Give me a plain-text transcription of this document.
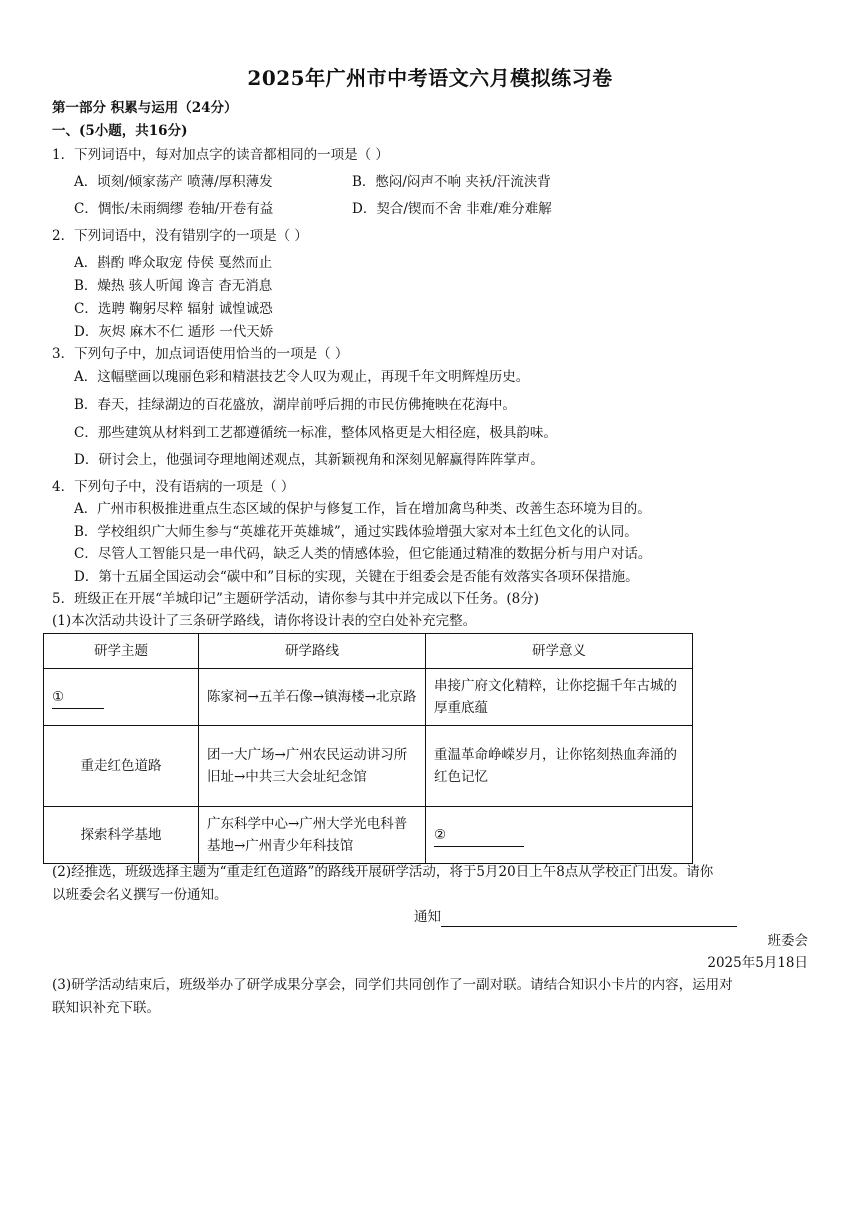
2025年广州市中考语文六月模拟练习卷
第一部分 积累与运用（24分）
一、(5小题，共16分)
1．下列词语中，每对加点字的读音都相同的一项是（ ）
A．顷刻/倾家荡产 喷薄/厚积薄发	B．憋闷/闷声不响 夹袄/汗流浃背
C．惆怅/未雨绸缪 卷轴/开卷有益	D．契合/锲而不舍 非难/难分难解
2．下列词语中，没有错别字的一项是（ ）
A．斟酌 哗众取宠 侍侯 戛然而止
B．燥热 骇人听闻 谗言 杳无消息
C．选聘 鞠躬尽粹 辐射 诚惶诚恐
D．灰烬 麻木不仁 遁形 一代天娇
3．下列句子中，加点词语使用恰当的一项是（ ）
A．这幅壁画以瑰丽色彩和精湛技艺令人叹为观止，再现千年文明辉煌历史。
B．春天，挂绿湖边的百花盛放，湖岸前呼后拥的市民仿佛掩映在花海中。
C．那些建筑从材料到工艺都遵循统一标准，整体风格更是大相径庭，极具韵味。
D．研讨会上，他强词夺理地阐述观点，其新颖视角和深刻见解赢得阵阵掌声。
4．下列句子中，没有语病的一项是（ ）
A．广州市积极推进重点生态区域的保护与修复工作，旨在增加禽鸟种类、改善生态环境为目的。
B．学校组织广大师生参与“英雄花开英雄城”，通过实践体验增强大家对本土红色文化的认同。
C．尽管人工智能只是一串代码，缺乏人类的情感体验，但它能通过精准的数据分析与用户对话。
D．第十五届全国运动会“碳中和”目标的实现，关键在于组委会是否能有效落实各项环保措施。
5．班级正在开展“羊城印记”主题研学活动，请你参与其中并完成以下任务。(8分)
(1)本次活动共设计了三条研学路线，请你将设计表的空白处补充完整。
研学主题	研学路线	研学意义
①	陈家祠→五羊石像→镇海楼→北京路	串接广府文化精粹，让你挖掘千年古城的厚重底蕴
重走红色道路	团一大广场→广州农民运动讲习所旧址→中共三大会址纪念馆	重温革命峥嵘岁月，让你铭刻热血奔涌的红色记忆
探索科学基地	广东科学中心→广州大学光电科普基地→广州青少年科技馆	②
(2)经推选，班级选择主题为“重走红色道路”的路线开展研学活动，将于5月20日上午8点从学校正门出发。请你
以班委会名义撰写一份通知。
通知
班委会
2025年5月18日
(3)研学活动结束后，班级举办了研学成果分享会，同学们共同创作了一副对联。请结合知识小卡片的内容，运用对
联知识补充下联。
